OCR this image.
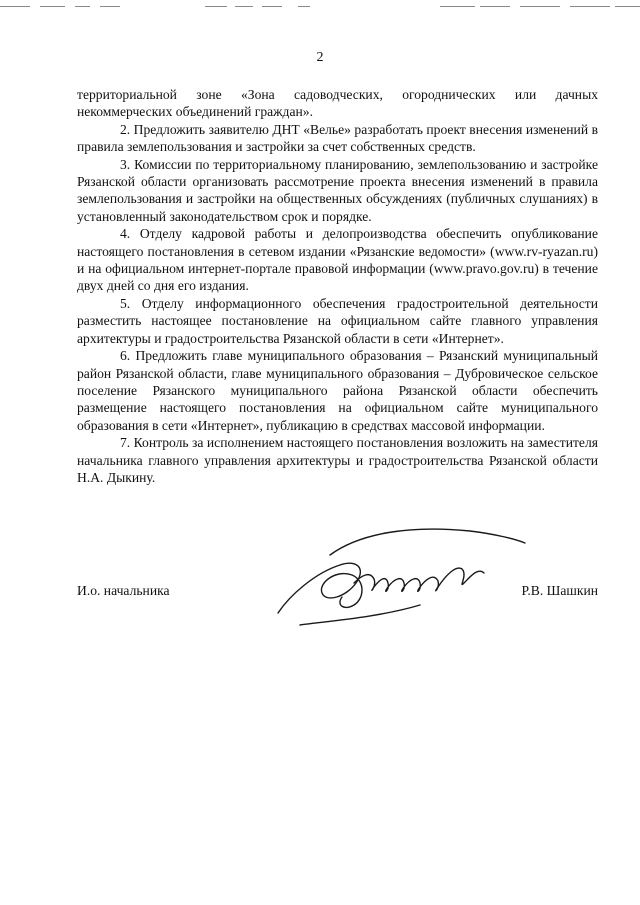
2

территориальной зоне «Зона садоводческих, огороднических или дачных некоммерческих объединений граждан».

2. Предложить заявителю ДНТ «Велье» разработать проект внесения изменений в правила землепользования и застройки за счет собственных средств.

3. Комиссии по территориальному планированию, землепользованию и застройке Рязанской области организовать рассмотрение проекта внесения изменений в правила землепользования и застройки на общественных обсуждениях (публичных слушаниях) в установленный законодательством срок и порядке.

4. Отделу кадровой работы и делопроизводства обеспечить опубликование настоящего постановления в сетевом издании «Рязанские ведомости» (www.rv-ryazan.ru) и на официальном интернет-портале правовой информации (www.pravo.gov.ru) в течение двух дней со дня его издания.

5. Отделу информационного обеспечения градостроительной деятельности разместить настоящее постановление на официальном сайте главного управления архитектуры и градостроительства Рязанской области в сети «Интернет».

6. Предложить главе муниципального образования – Рязанский муниципальный район Рязанской области, главе муниципального образования – Дубровическое сельское поселение Рязанского муниципального района Рязанской области обеспечить размещение настоящего постановления на официальном сайте муниципального образования в сети «Интернет», публикацию в средствах массовой информации.

7. Контроль за исполнением настоящего постановления возложить на заместителя начальника главного управления архитектуры и градостроительства Рязанской области Н.А. Дыкину.

И.о. начальника	Р.В. Шашкин
